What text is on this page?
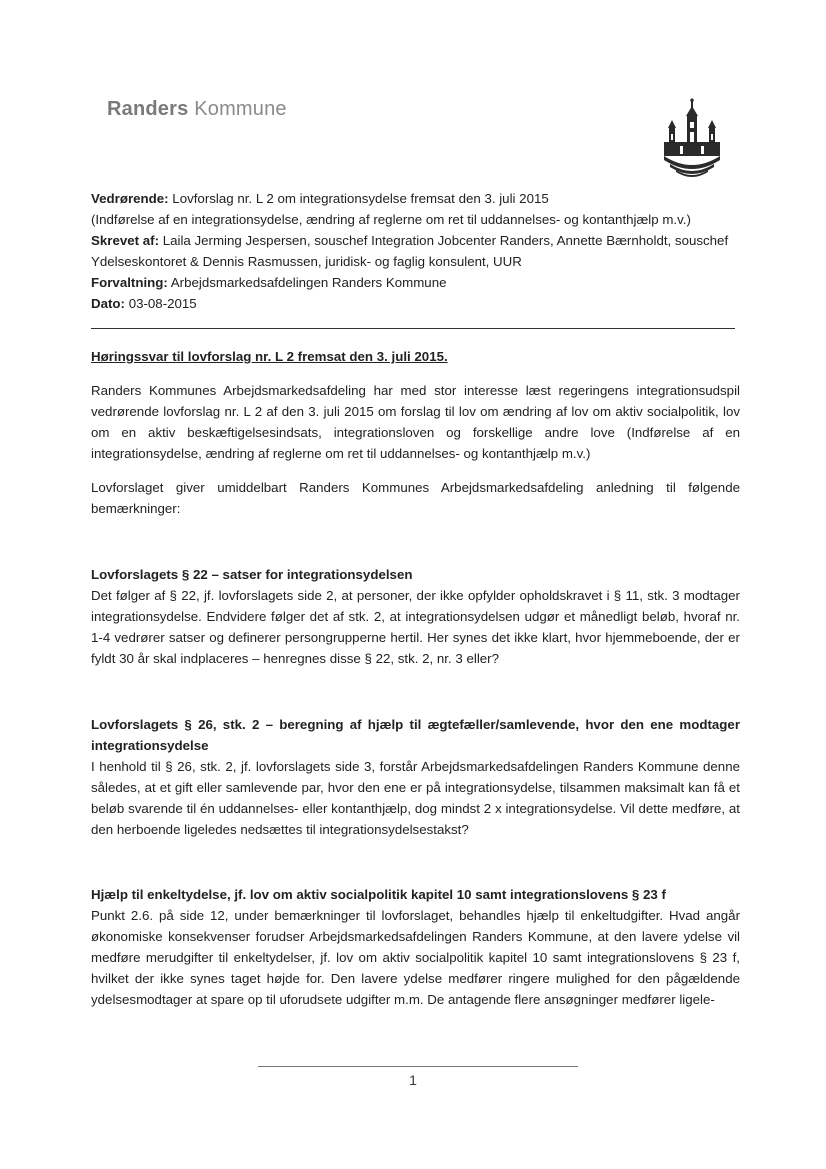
Randers Kommune

Vedrørende: Lovforslag nr. L 2 om integrationsydelse fremsat den 3. juli 2015

(Indførelse af en integrationsydelse, ændring af reglerne om ret til uddannelses- og kontanthjælp m.v.)

Skrevet af: Laila Jerming Jespersen, souschef Integration Jobcenter Randers, Annette Bærnholdt, souschef Ydelseskontoret & Dennis Rasmussen, juridisk- og faglig konsulent, UUR

Forvaltning: Arbejdsmarkedsafdelingen Randers Kommune

Dato: 03-08-2015

Høringssvar til lovforslag nr. L 2 fremsat den 3. juli 2015.

Randers Kommunes Arbejdsmarkedsafdeling har med stor interesse læst regeringens integrationsudspil vedrørende lovforslag nr. L 2 af den 3. juli 2015 om forslag til lov om ændring af lov om aktiv socialpolitik, lov om en aktiv beskæftigelsesindsats, integrationsloven og forskellige andre love (Indførelse af en integrationsydelse, ændring af reglerne om ret til uddannelses- og kontanthjælp m.v.)

Lovforslaget giver umiddelbart Randers Kommunes Arbejdsmarkedsafdeling anledning til følgende bemærkninger:

Lovforslagets § 22 – satser for integrationsydelsen

Det følger af § 22, jf. lovforslagets side 2, at personer, der ikke opfylder opholdskravet i § 11, stk. 3 modtager integrationsydelse. Endvidere følger det af stk. 2, at integrationsydelsen udgør et månedligt beløb, hvoraf nr. 1-4 vedrører satser og definerer persongrupperne hertil. Her synes det ikke klart, hvor hjemmeboende, der er fyldt 30 år skal indplaceres – henregnes disse § 22, stk. 2, nr. 3 eller?

Lovforslagets § 26, stk. 2 – beregning af hjælp til ægtefæller/samlevende, hvor den ene modtager integrationsydelse

I henhold til § 26, stk. 2, jf. lovforslagets side 3, forstår Arbejdsmarkedsafdelingen Randers Kommune denne således, at et gift eller samlevende par, hvor den ene er på integrationsydelse, tilsammen maksimalt kan få et beløb svarende til én uddannelses- eller kontanthjælp, dog mindst 2 x integrationsydelse. Vil dette medføre, at den herboende ligeledes nedsættes til integrationsydelsestakst?

Hjælp til enkeltydelse, jf. lov om aktiv socialpolitik kapitel 10 samt integrationslovens § 23 f

Punkt 2.6. på side 12, under bemærkninger til lovforslaget, behandles hjælp til enkeltudgifter. Hvad angår økonomiske konsekvenser forudser Arbejdsmarkedsafdelingen Randers Kommune, at den lavere ydelse vil medføre merudgifter til enkeltydelser, jf. lov om aktiv socialpolitik kapitel 10 samt integrationslovens § 23 f, hvilket der ikke synes taget højde for. Den lavere ydelse medfører ringere mulighed for den pågældende ydelsesmodtager at spare op til uforudsete udgifter m.m. De antagende flere ansøgninger medfører ligele-

1
